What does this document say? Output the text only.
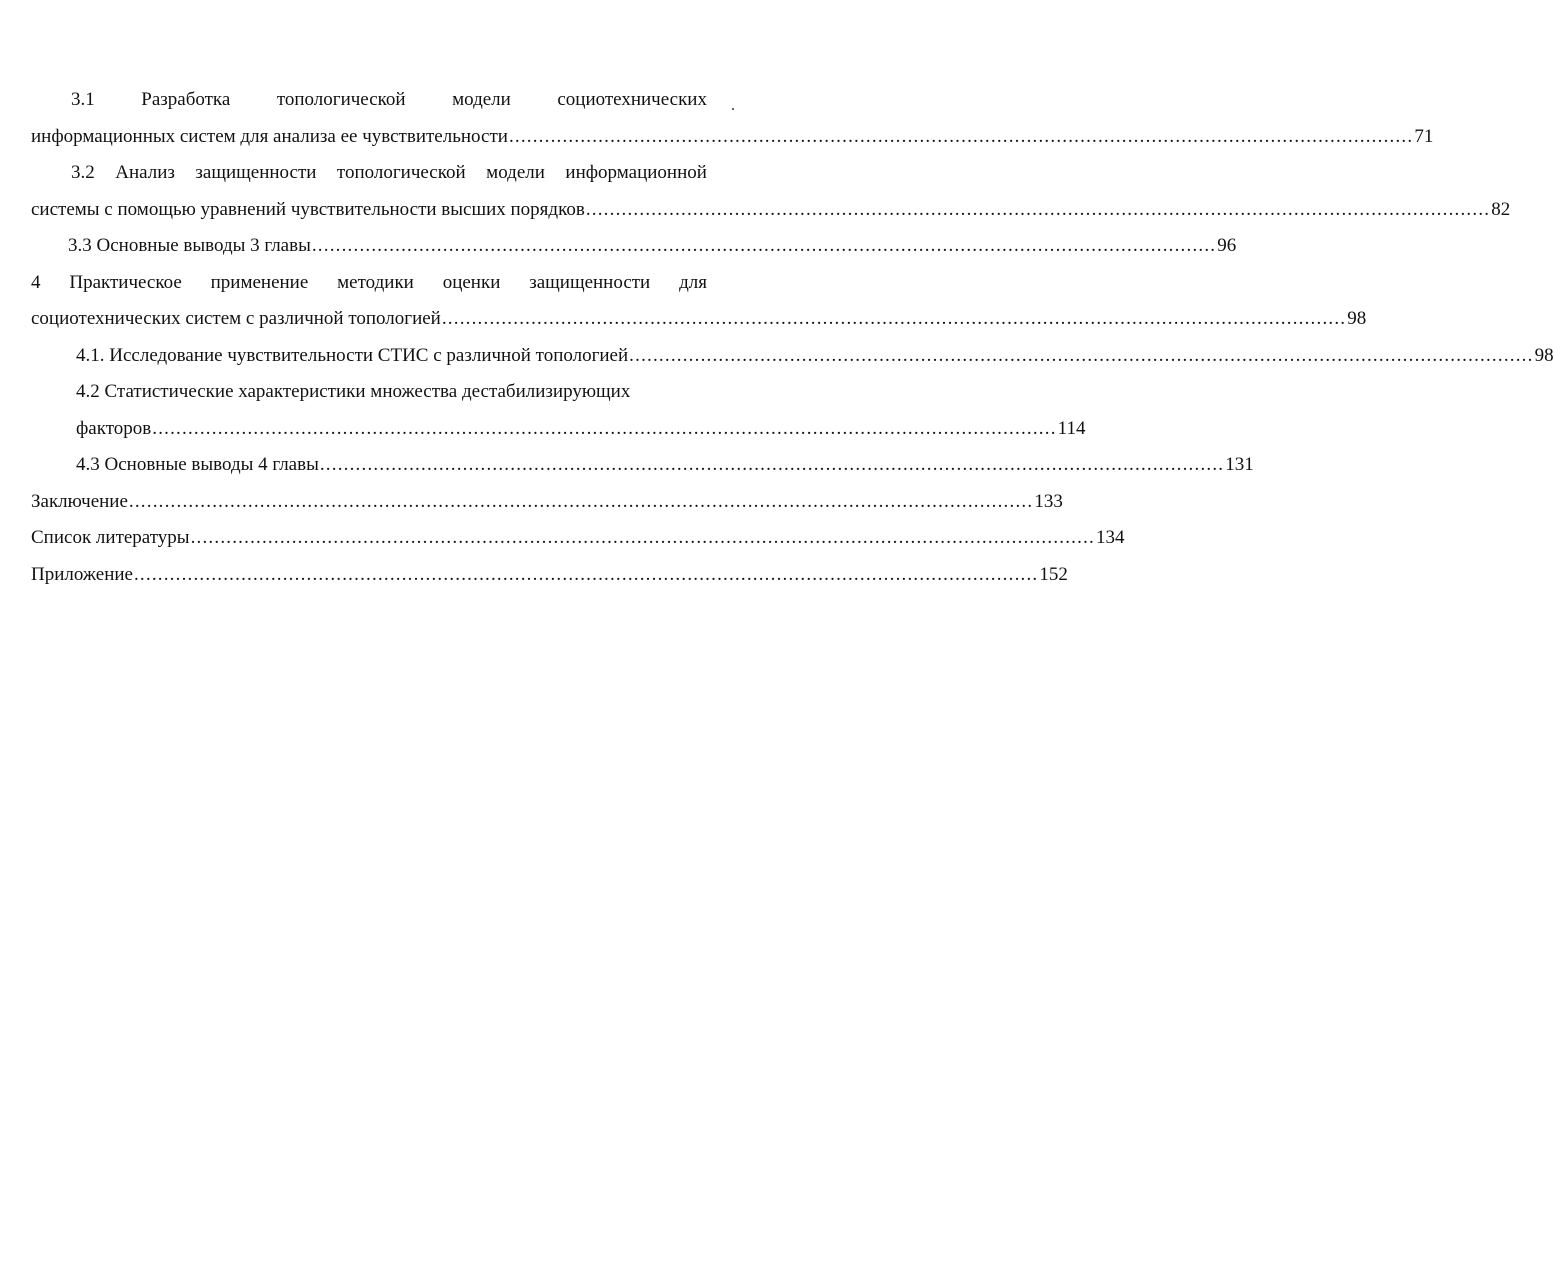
3.1 Разработка топологической модели социотехнических
информационных систем для анализа ее чувствительности ........................................................................................................................................................ 71
3.2 Анализ защищенности топологической модели информационной
системы с помощью уравнений чувствительности высших порядков ........................................................................................................................................................ 82
3.3 Основные выводы 3 главы ........................................................................................................................................................ 96
4 Практическое применение методики оценки защищенности для
социотехнических систем с различной топологией ........................................................................................................................................................ 98
4.1. Исследование чувствительности СТИС с различной топологией ........................................................................................................................................................ 98
4.2 Статистические характеристики множества дестабилизирующих
факторов ........................................................................................................................................................ 114
4.3 Основные выводы 4 главы ........................................................................................................................................................ 131
Заключение ........................................................................................................................................................ 133
Список литературы ........................................................................................................................................................ 134
Приложение ........................................................................................................................................................ 152
